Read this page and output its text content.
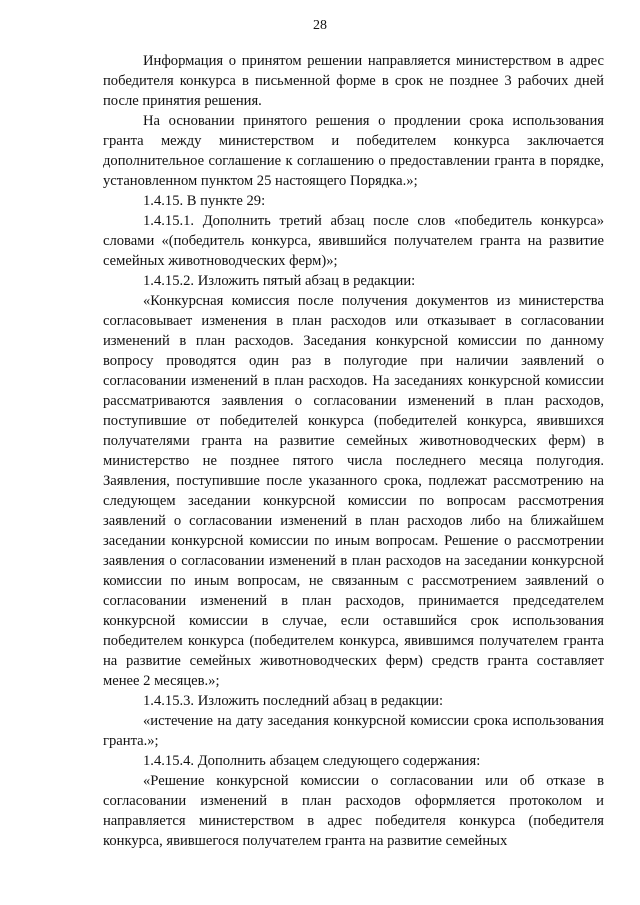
28

Информация о принятом решении направляется министерством в адрес победителя конкурса в письменной форме в срок не позднее 3 рабочих дней после принятия решения.

На основании принятого решения о продлении срока использования гранта между министерством и победителем конкурса заключается дополнительное соглашение к соглашению о предоставлении гранта в порядке, установленном пунктом 25 настоящего Порядка.»;

1.4.15. В пункте 29:

1.4.15.1. Дополнить третий абзац после слов «победитель конкурса» словами «(победитель конкурса, явившийся получателем гранта на развитие семейных животноводческих ферм)»;

1.4.15.2. Изложить пятый абзац в редакции:

«Конкурсная комиссия после получения документов из министерства согласовывает изменения в план расходов или отказывает в согласовании изменений в план расходов. Заседания конкурсной комиссии по данному вопросу проводятся один раз в полугодие при наличии заявлений о согласовании изменений в план расходов. На заседаниях конкурсной комиссии рассматриваются заявления о согласовании изменений в план расходов, поступившие от победителей конкурса (победителей конкурса, явившихся получателями гранта на развитие семейных животноводческих ферм) в министерство не позднее пятого числа последнего месяца полугодия. Заявления, поступившие после указанного срока, подлежат рассмотрению на следующем заседании конкурсной комиссии по вопросам рассмотрения заявлений о согласовании изменений в план расходов либо на ближайшем заседании конкурсной комиссии по иным вопросам. Решение о рассмотрении заявления о согласовании изменений в план расходов на заседании конкурсной комиссии по иным вопросам, не связанным с рассмотрением заявлений о согласовании изменений в план расходов, принимается председателем конкурсной комиссии в случае, если оставшийся срок использования победителем конкурса (победителем конкурса, явившимся получателем гранта на развитие семейных животноводческих ферм) средств гранта составляет менее 2 месяцев.»;

1.4.15.3. Изложить последний абзац в редакции:

«истечение на дату заседания конкурсной комиссии срока использования гранта.»;

1.4.15.4. Дополнить абзацем следующего содержания:

«Решение конкурсной комиссии о согласовании или об отказе в согласовании изменений в план расходов оформляется протоколом и направляется министерством в адрес победителя конкурса (победителя конкурса, явившегося получателем гранта на развитие семейных
